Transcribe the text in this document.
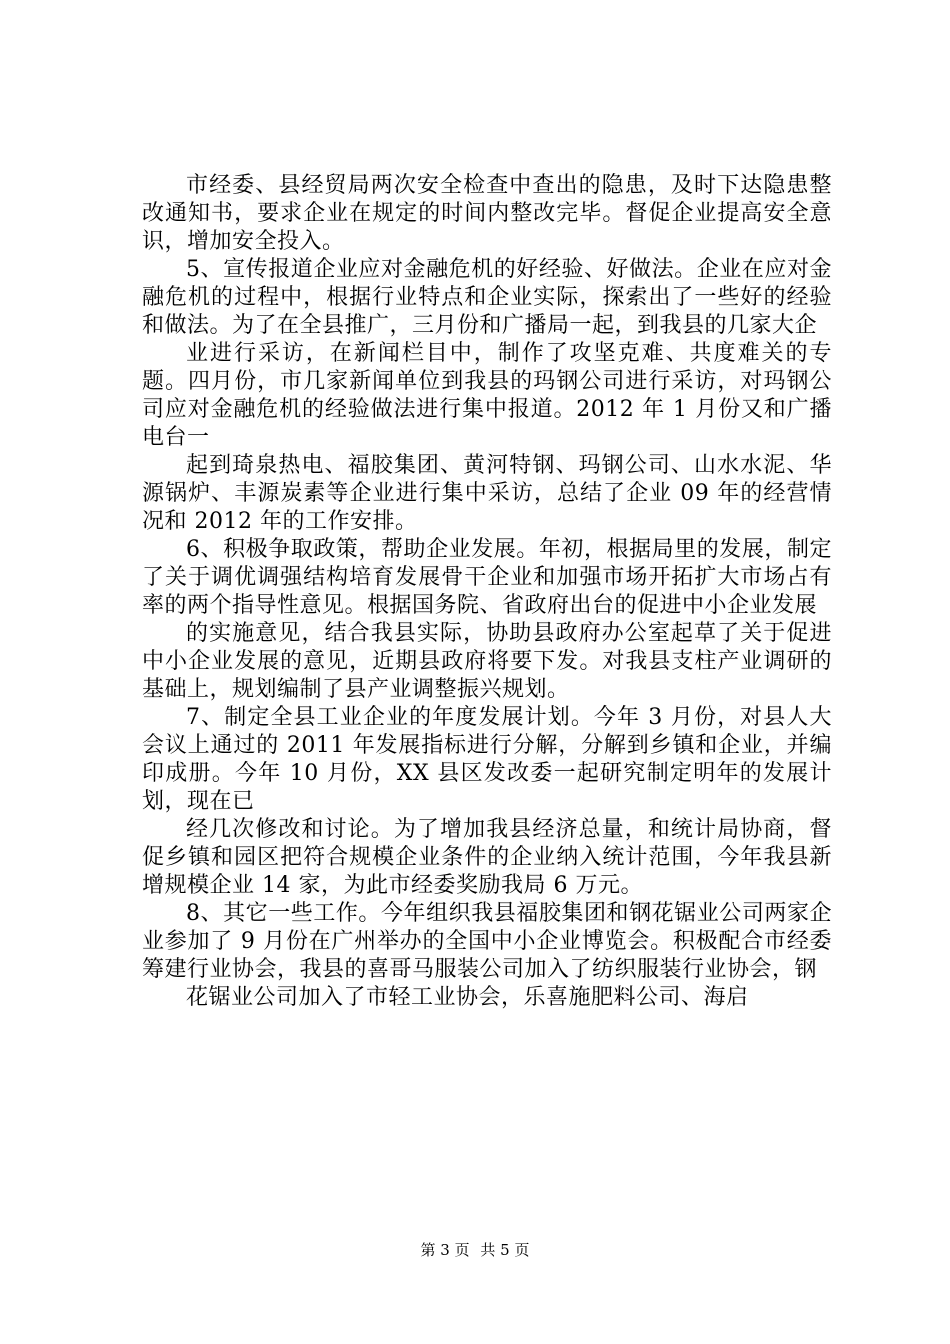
市经委、县经贸局两次安全检查中查出的隐患，及时下达隐患整改通知书，要求企业在规定的时间内整改完毕。督促企业提高安全意识，增加安全投入。

5、宣传报道企业应对金融危机的好经验、好做法。企业在应对金融危机的过程中，根据行业特点和企业实际，探索出了一些好的经验和做法。为了在全县推广，三月份和广播局一起，到我县的几家大企

业进行采访，在新闻栏目中，制作了攻坚克难、共度难关的专题。四月份，市几家新闻单位到我县的玛钢公司进行采访，对玛钢公司应对金融危机的经验做法进行集中报道。2012 年 1 月份又和广播电台一

起到琦泉热电、福胶集团、黄河特钢、玛钢公司、山水水泥、华源锅炉、丰源炭素等企业进行集中采访，总结了企业 09 年的经营情况和 2012 年的工作安排。

6、积极争取政策，帮助企业发展。年初，根据局里的发展，制定了关于调优调强结构培育发展骨干企业和加强市场开拓扩大市场占有率的两个指导性意见。根据国务院、省政府出台的促进中小企业发展

的实施意见，结合我县实际，协助县政府办公室起草了关于促进中小企业发展的意见，近期县政府将要下发。对我县支柱产业调研的基础上，规划编制了县产业调整振兴规划。

7、制定全县工业企业的年度发展计划。今年 3 月份，对县人大会议上通过的 2011 年发展指标进行分解，分解到乡镇和企业，并编印成册。今年 10 月份，XX 县区发改委一起研究制定明年的发展计划，现在已

经几次修改和讨论。为了增加我县经济总量，和统计局协商，督促乡镇和园区把符合规模企业条件的企业纳入统计范围，今年我县新增规模企业 14 家，为此市经委奖励我局 6 万元。

8、其它一些工作。今年组织我县福胶集团和钢花锯业公司两家企业参加了 9 月份在广州举办的全国中小企业博览会。积极配合市经委筹建行业协会，我县的喜哥马服装公司加入了纺织服装行业协会，钢

花锯业公司加入了市轻工业协会，乐喜施肥料公司、海启

第 3 页 共 5 页
